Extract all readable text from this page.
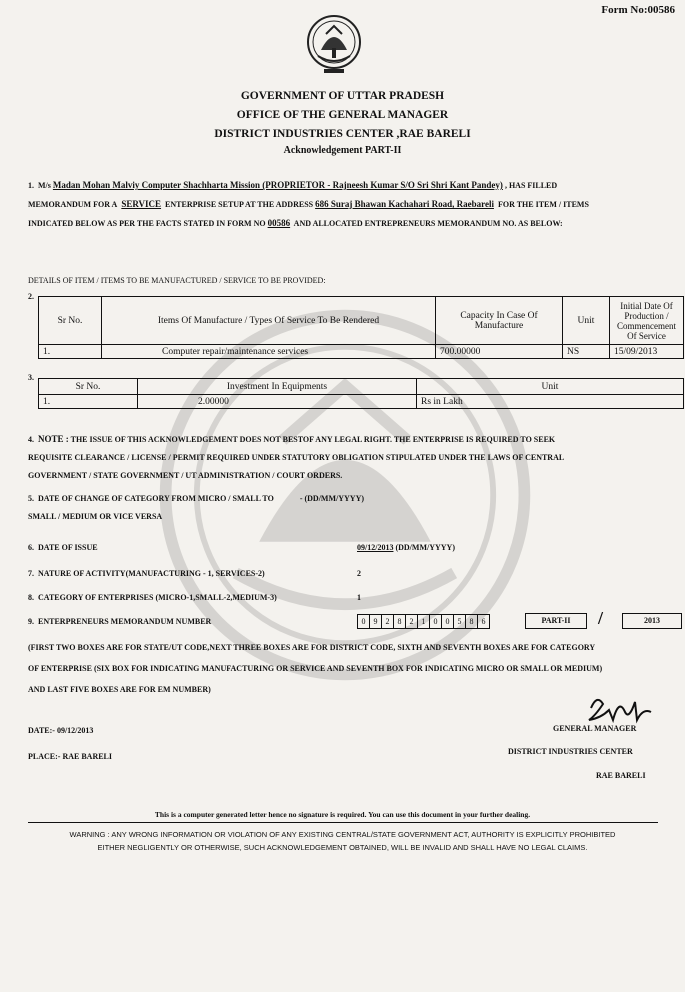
Form No:00586
GOVERNMENT OF UTTAR PRADESH
OFFICE OF THE GENERAL MANAGER
DISTRICT INDUSTRIES CENTER ,RAE BARELI
Acknowledgement PART-II
1. M/s Madan Mohan Malviy Computer Shachharta Mission (PROPRIETOR - Rajneesh Kumar S/O Sri Shri Kant Pandey) , HAS FILLED
MEMORANDUM FOR A SERVICE ENTERPRISE SETUP AT THE ADDRESS 686 Suraj Bhawan Kachahari Road, Raebareli FOR THE ITEM / ITEMS
INDICATED BELOW AS PER THE FACTS STATED IN FORM NO 00586 AND ALLOCATED ENTREPRENEURS MEMORANDUM NO. AS BELOW:
DETAILS OF ITEM / ITEMS TO BE MANUFACTURED / SERVICE TO BE PROVIDED:
2.
Sr No.	Items Of Manufacture / Types Of Service To Be Rendered	Capacity In Case Of Manufacture	Unit	Initial Date Of Production / Commencement Of Service
1.	Computer repair/maintenance services	700.00000	NS	15/09/2013
3.
Sr No.	Investment In Equipments	Unit
1.	2.00000	Rs in Lakh
4. NOTE : THE ISSUE OF THIS ACKNOWLEDGEMENT DOES NOT BESTOF ANY LEGAL RIGHT. THE ENTERPRISE IS REQUIRED TO SEEK
REQUISITE CLEARANCE / LICENSE / PERMIT REQUIRED UNDER STATUTORY OBLIGATION STIPULATED UNDER THE LAWS OF CENTRAL
GOVERNMENT / STATE GOVERNMENT / UT ADMINISTRATION / COURT ORDERS.
5. DATE OF CHANGE OF CATEGORY FROM MICRO / SMALL TO	- (DD/MM/YYYY)
SMALL / MEDIUM OR VICE VERSA
6. DATE OF ISSUE	09/12/2013 (DD/MM/YYYY)
7. NATURE OF ACTIVITY(MANUFACTURING - 1, SERVICES-2)	2
8. CATEGORY OF ENTERPRISES (MICRO-1,SMALL-2,MEDIUM-3)	1
9. ENTERPRENEURS MEMORANDUM NUMBER	0	9	2	8	2	1	0	0	5	8	6	PART-II	/	2013
(FIRST TWO BOXES ARE FOR STATE/UT CODE,NEXT THREE BOXES ARE FOR DISTRICT CODE, SIXTH AND SEVENTH BOXES ARE FOR CATEGORY
OF ENTERPRISE (SIX BOX FOR INDICATING MANUFACTURING OR SERVICE AND SEVENTH BOX FOR INDICATING MICRO OR SMALL OR MEDIUM)
AND LAST FIVE BOXES ARE FOR EM NUMBER)
DATE:- 09/12/2013
PLACE:- RAE BARELI
GENERAL MANAGER
DISTRICT INDUSTRIES CENTER
RAE BARELI
This is a computer generated letter hence no signature is required. You can use this document in your further dealing.
WARNING : ANY WRONG INFORMATION OR VIOLATION OF ANY EXISTING CENTRAL/STATE GOVERNMENT ACT, AUTHORITY IS EXPLICITLY PROHIBITED
EITHER NEGLIGENTLY OR OTHERWISE, SUCH ACKNOWLEDGEMENT OBTAINED, WILL BE INVALID AND SHALL HAVE NO LEGAL CLAIMS.
